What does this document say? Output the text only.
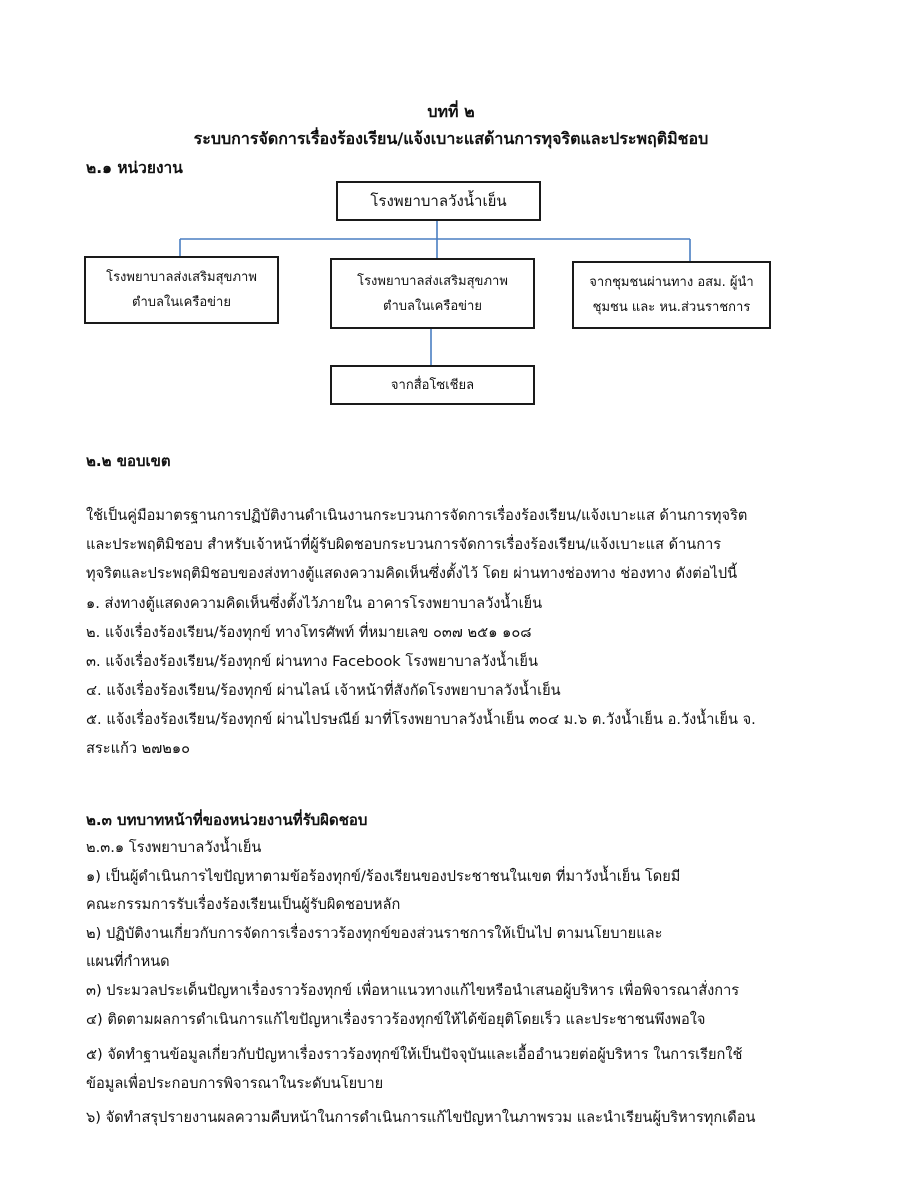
บทที่ ๒
ระบบการจัดการเรื่องร้องเรียน/แจ้งเบาะแสด้านการทุจริตและประพฤติมิชอบ
๒.๑ หน่วยงาน
โรงพยาบาลวังน้ำเย็น
โรงพยาบาลส่งเสริมสุขภาพ
ตำบลในเครือข่าย
โรงพยาบาลส่งเสริมสุขภาพ
ตำบลในเครือข่าย
จากชุมชนผ่านทาง อสม. ผู้นำ
ชุมชน และ หน.ส่วนราชการ
จากสื่อโซเชียล
๒.๒ ขอบเขต
ใช้เป็นคู่มือมาตรฐานการปฏิบัติงานดำเนินงานกระบวนการจัดการเรื่องร้องเรียน/แจ้งเบาะแส ด้านการทุจริต
และประพฤติมิชอบ สำหรับเจ้าหน้าที่ผู้รับผิดชอบกระบวนการจัดการเรื่องร้องเรียน/แจ้งเบาะแส ด้านการ
ทุจริตและประพฤติมิชอบของส่งทางตู้แสดงความคิดเห็นซึ่งตั้งไว้ โดย ผ่านทางช่องทาง ช่องทาง ดังต่อไปนี้
๑. ส่งทางตู้แสดงความคิดเห็นซึ่งตั้งไว้ภายใน อาคารโรงพยาบาลวังน้ำเย็น
๒. แจ้งเรื่องร้องเรียน/ร้องทุกข์ ทางโทรศัพท์ ที่หมายเลข ๐๓๗ ๒๕๑ ๑๐๘
๓. แจ้งเรื่องร้องเรียน/ร้องทุกข์ ผ่านทาง Facebook โรงพยาบาลวังน้ำเย็น
๔. แจ้งเรื่องร้องเรียน/ร้องทุกข์ ผ่านไลน์ เจ้าหน้าที่สังกัดโรงพยาบาลวังน้ำเย็น
๕. แจ้งเรื่องร้องเรียน/ร้องทุกข์ ผ่านไปรษณีย์ มาที่โรงพยาบาลวังน้ำเย็น ๓๐๔ ม.๖ ต.วังน้ำเย็น อ.วังน้ำเย็น จ.
สระแก้ว ๒๗๒๑๐
๒.๓ บทบาทหน้าที่ของหน่วยงานที่รับผิดชอบ
๒.๓.๑ โรงพยาบาลวังน้ำเย็น
๑) เป็นผู้ดำเนินการไขปัญหาตามข้อร้องทุกข์/ร้องเรียนของประชาชนในเขต ที่มาวังน้ำเย็น โดยมี
คณะกรรมการรับเรื่องร้องเรียนเป็นผู้รับผิดชอบหลัก
๒) ปฏิบัติงานเกี่ยวกับการจัดการเรื่องราวร้องทุกข์ของส่วนราชการให้เป็นไป ตามนโยบายและ
แผนที่กำหนด
๓) ประมวลประเด็นปัญหาเรื่องราวร้องทุกข์ เพื่อหาแนวทางแก้ไขหรือนำเสนอผู้บริหาร เพื่อพิจารณาสั่งการ
๔) ติดตามผลการดำเนินการแก้ไขปัญหาเรื่องราวร้องทุกข์ให้ได้ข้อยุติโดยเร็ว และประชาชนพึงพอใจ
๕) จัดทำฐานข้อมูลเกี่ยวกับปัญหาเรื่องราวร้องทุกข์ให้เป็นปัจจุบันและเอื้ออำนวยต่อผู้บริหาร ในการเรียกใช้
ข้อมูลเพื่อประกอบการพิจารณาในระดับนโยบาย
๖) จัดทำสรุปรายงานผลความคืบหน้าในการดำเนินการแก้ไขปัญหาในภาพรวม และนำเรียนผู้บริหารทุกเดือน
